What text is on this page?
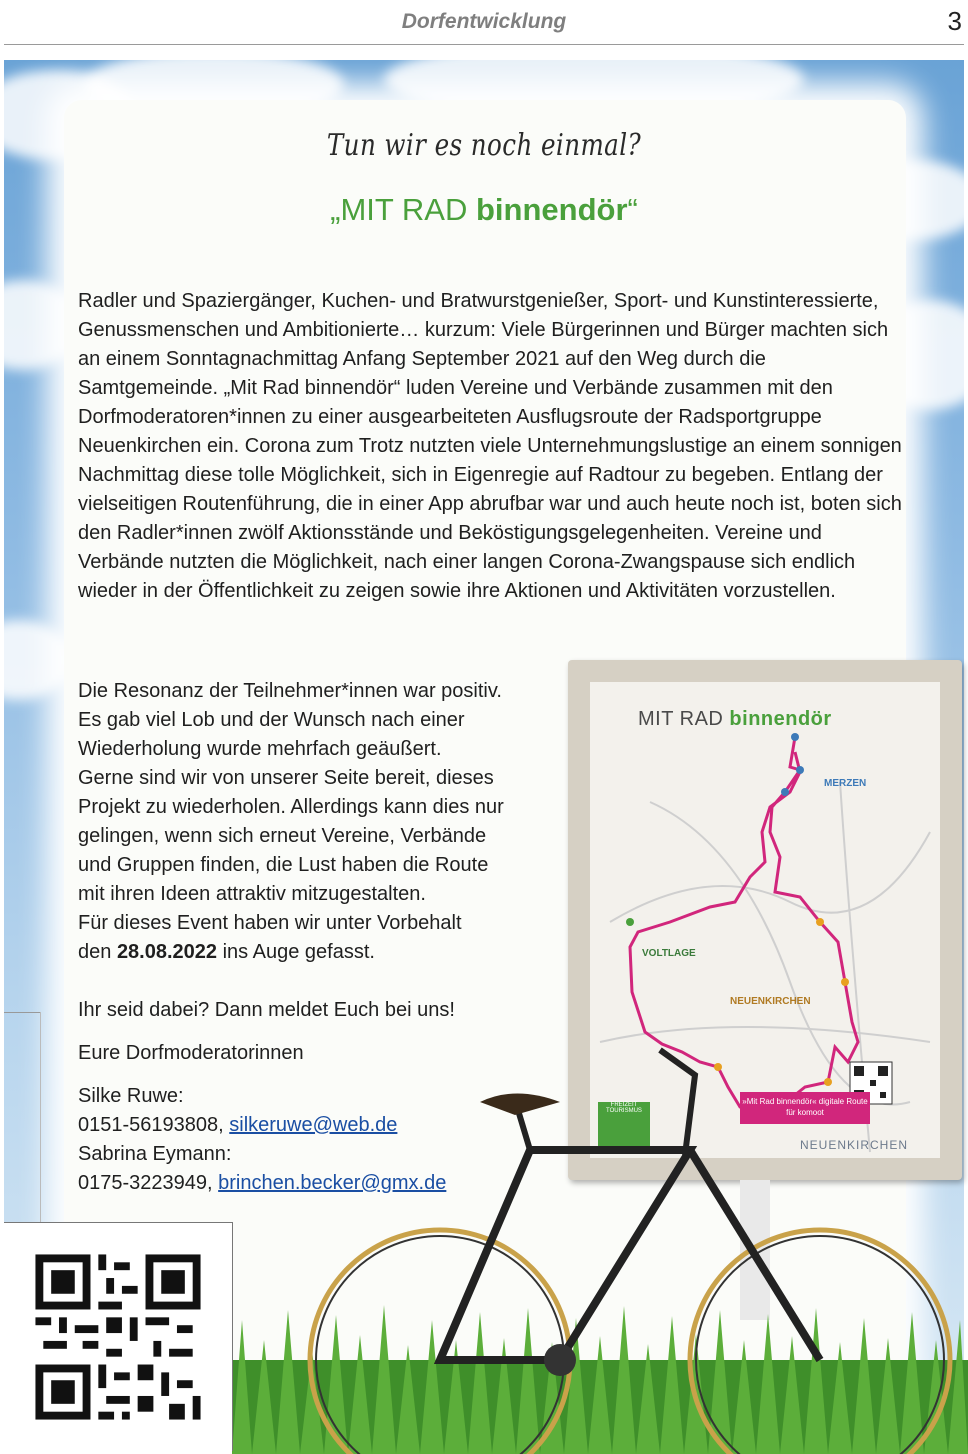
Dorfentwicklung	3
Tun wir es noch einmal?
„MIT RAD binnendör“

Radler und Spaziergänger, Kuchen- und Bratwurstgenießer, Sport- und Kunstinteressierte, Genussmenschen und Ambitionierte… kurzum: Viele Bürgerinnen und Bürger machten sich an einem Sonntagnachmittag Anfang September 2021 auf den Weg durch die Samtgemeinde. „Mit Rad binnendör“ luden Vereine und Verbände zusammen mit den Dorfmoderatoren*innen zu einer ausgearbeiteten Ausflugsroute der Radsportgruppe Neuenkirchen ein. Corona zum Trotz nutzten viele Unternehmungslustige an einem sonnigen Nachmittag diese tolle Möglichkeit, sich in Eigenregie auf Radtour zu begeben. Entlang der vielseitigen Routenführung, die in einer App abrufbar war und auch heute noch ist, boten sich den Radler*innen zwölf Aktionsstände und Beköstigungsgelegenheiten. Vereine und Verbände nutzten die Möglichkeit, nach einer langen Corona-Zwangspause sich endlich wieder in der Öffentlichkeit zu zeigen sowie ihre Aktionen und Aktivitäten vorzustellen.

MIT RAD binnendör
MERZEN
VOLTLAGE
NEUENKIRCHEN
»Mit Rad binnendör« digitale Route für komoot
FREIZEIT TOURISMUS
NEUENKIRCHEN

Die Resonanz der Teilnehmer*innen war positiv.

Es gab viel Lob und der Wunsch nach einer

Wiederholung wurde mehrfach geäußert.

Gerne sind wir von unserer Seite bereit, dieses

Projekt zu wiederholen. Allerdings kann dies nur

gelingen, wenn sich erneut Vereine, Verbände

und Gruppen finden, die Lust haben die Route

mit ihren Ideen attraktiv mitzugestalten.

Für dieses Event haben wir unter Vorbehalt

den 28.08.2022 ins Auge gefasst.

Ihr seid dabei? Dann meldet Euch bei uns!

Eure Dorfmoderatorinnen

Silke Ruwe:

0151-56193808, silkeruwe@web.de

Sabrina Eymann:

0175-3223949, brinchen.becker@gmx.de
